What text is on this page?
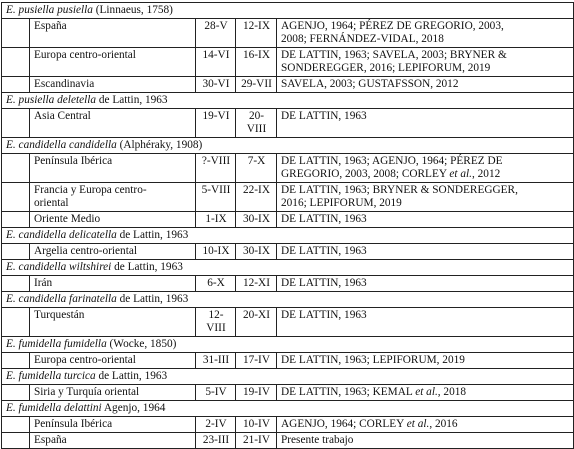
E. pusiella pusiella (Linnaeus, 1758)				
	España	28-V	12-IX	AGENJO, 1964; PÉREZ DE GREGORIO, 2003,
2008; FERNÁNDEZ-VIDAL, 2018
	Europa centro-oriental	14-VI	16-IX	DE LATTIN, 1963; SAVELA, 2003; BRYNER &
SONDEREGGER, 2016; LEPIFORUM, 2019
	Escandinavia	30-VI	29-VII	SAVELA, 2003; GUSTAFSSON, 2012
E. pusiella deletella de Lattin, 1963				
	Asia Central	19-VI	20-VIII	DE LATTIN, 1963
E. candidella candidella (Alphéraky, 1908)				
	Península Ibérica	?-VIII	7-X	DE LATTIN, 1963; AGENJO, 1964; PÉREZ DE
GREGORIO, 2003, 2008; CORLEY et al., 2012
	Francia y Europa centro-
oriental	5-VIII	22-IX	DE LATTIN, 1963; BRYNER & SONDEREGGER,
2016; LEPIFORUM, 2019
	Oriente Medio	1-IX	30-IX	DE LATTIN, 1963
E. candidella delicatella de Lattin, 1963				
	Argelia centro-oriental	10-IX	30-IX	DE LATTIN, 1963
E. candidella wiltshirei de Lattin, 1963				
	Irán	6-X	12-XI	DE LATTIN, 1963
E. candidella farinatella de Lattin, 1963				
	Turquestán	12-VIII	20-XI	DE LATTIN, 1963
E. fumidella fumidella (Wocke, 1850)				
	Europa centro-oriental	31-III	17-IV	DE LATTIN, 1963; LEPIFORUM, 2019
E. fumidella turcica de Lattin, 1963				
	Siria y Turquía oriental	5-IV	19-IV	DE LATTIN, 1963; KEMAL et al., 2018
E. fumidella delattini Agenjo, 1964				
	Península Ibérica	2-IV	10-IV	AGENJO, 1964; CORLEY et al., 2016
	España	23-III	21-IV	Presente trabajo
